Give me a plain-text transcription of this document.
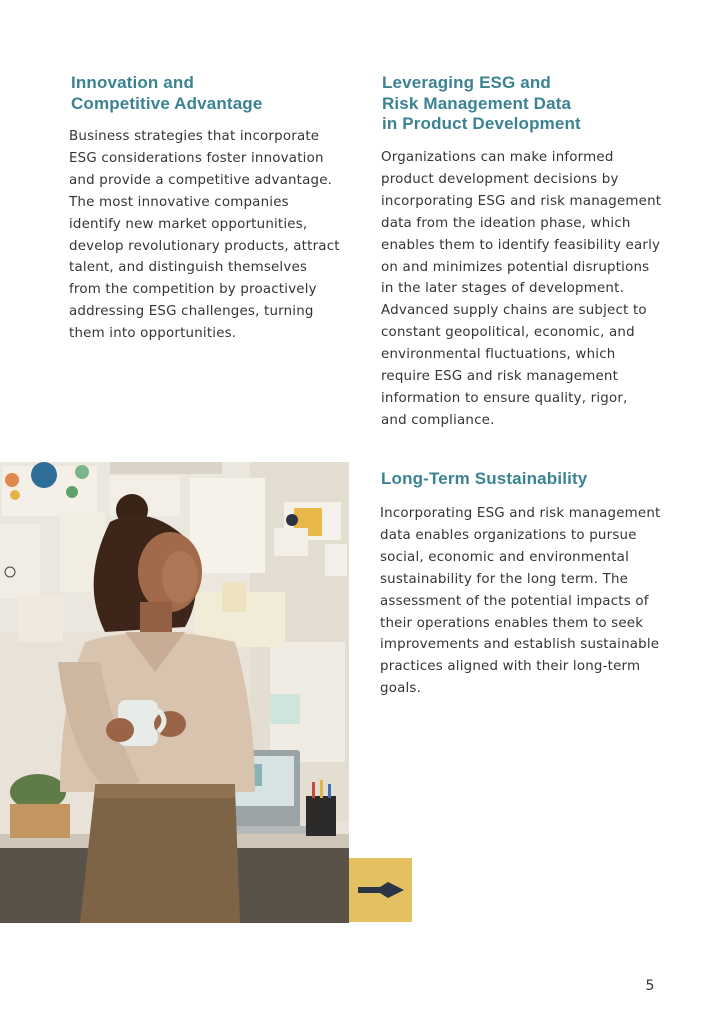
Innovation and
Competitive Advantage

Business strategies that incorporate
ESG considerations foster innovation
and provide a competitive advantage.
The most innovative companies
identify new market opportunities,
develop revolutionary products, attract
talent, and distinguish themselves
from the competition by proactively
addressing ESG challenges, turning
them into opportunities.

Leveraging ESG and
Risk Management Data
in Product Development

Organizations can make informed
product development decisions by
incorporating ESG and risk management
data from the ideation phase, which
enables them to identify feasibility early
on and minimizes potential disruptions
in the later stages of development.
Advanced supply chains are subject to
constant geopolitical, economic, and
environmental fluctuations, which
require ESG and risk management
information to ensure quality, rigor,
and compliance.

Long-Term Sustainability

Incorporating ESG and risk management
data enables organizations to pursue
social, economic and environmental
sustainability for the long term. The
assessment of the potential impacts of
their operations enables them to seek
improvements and establish sustainable
practices aligned with their long-term
goals.

5
